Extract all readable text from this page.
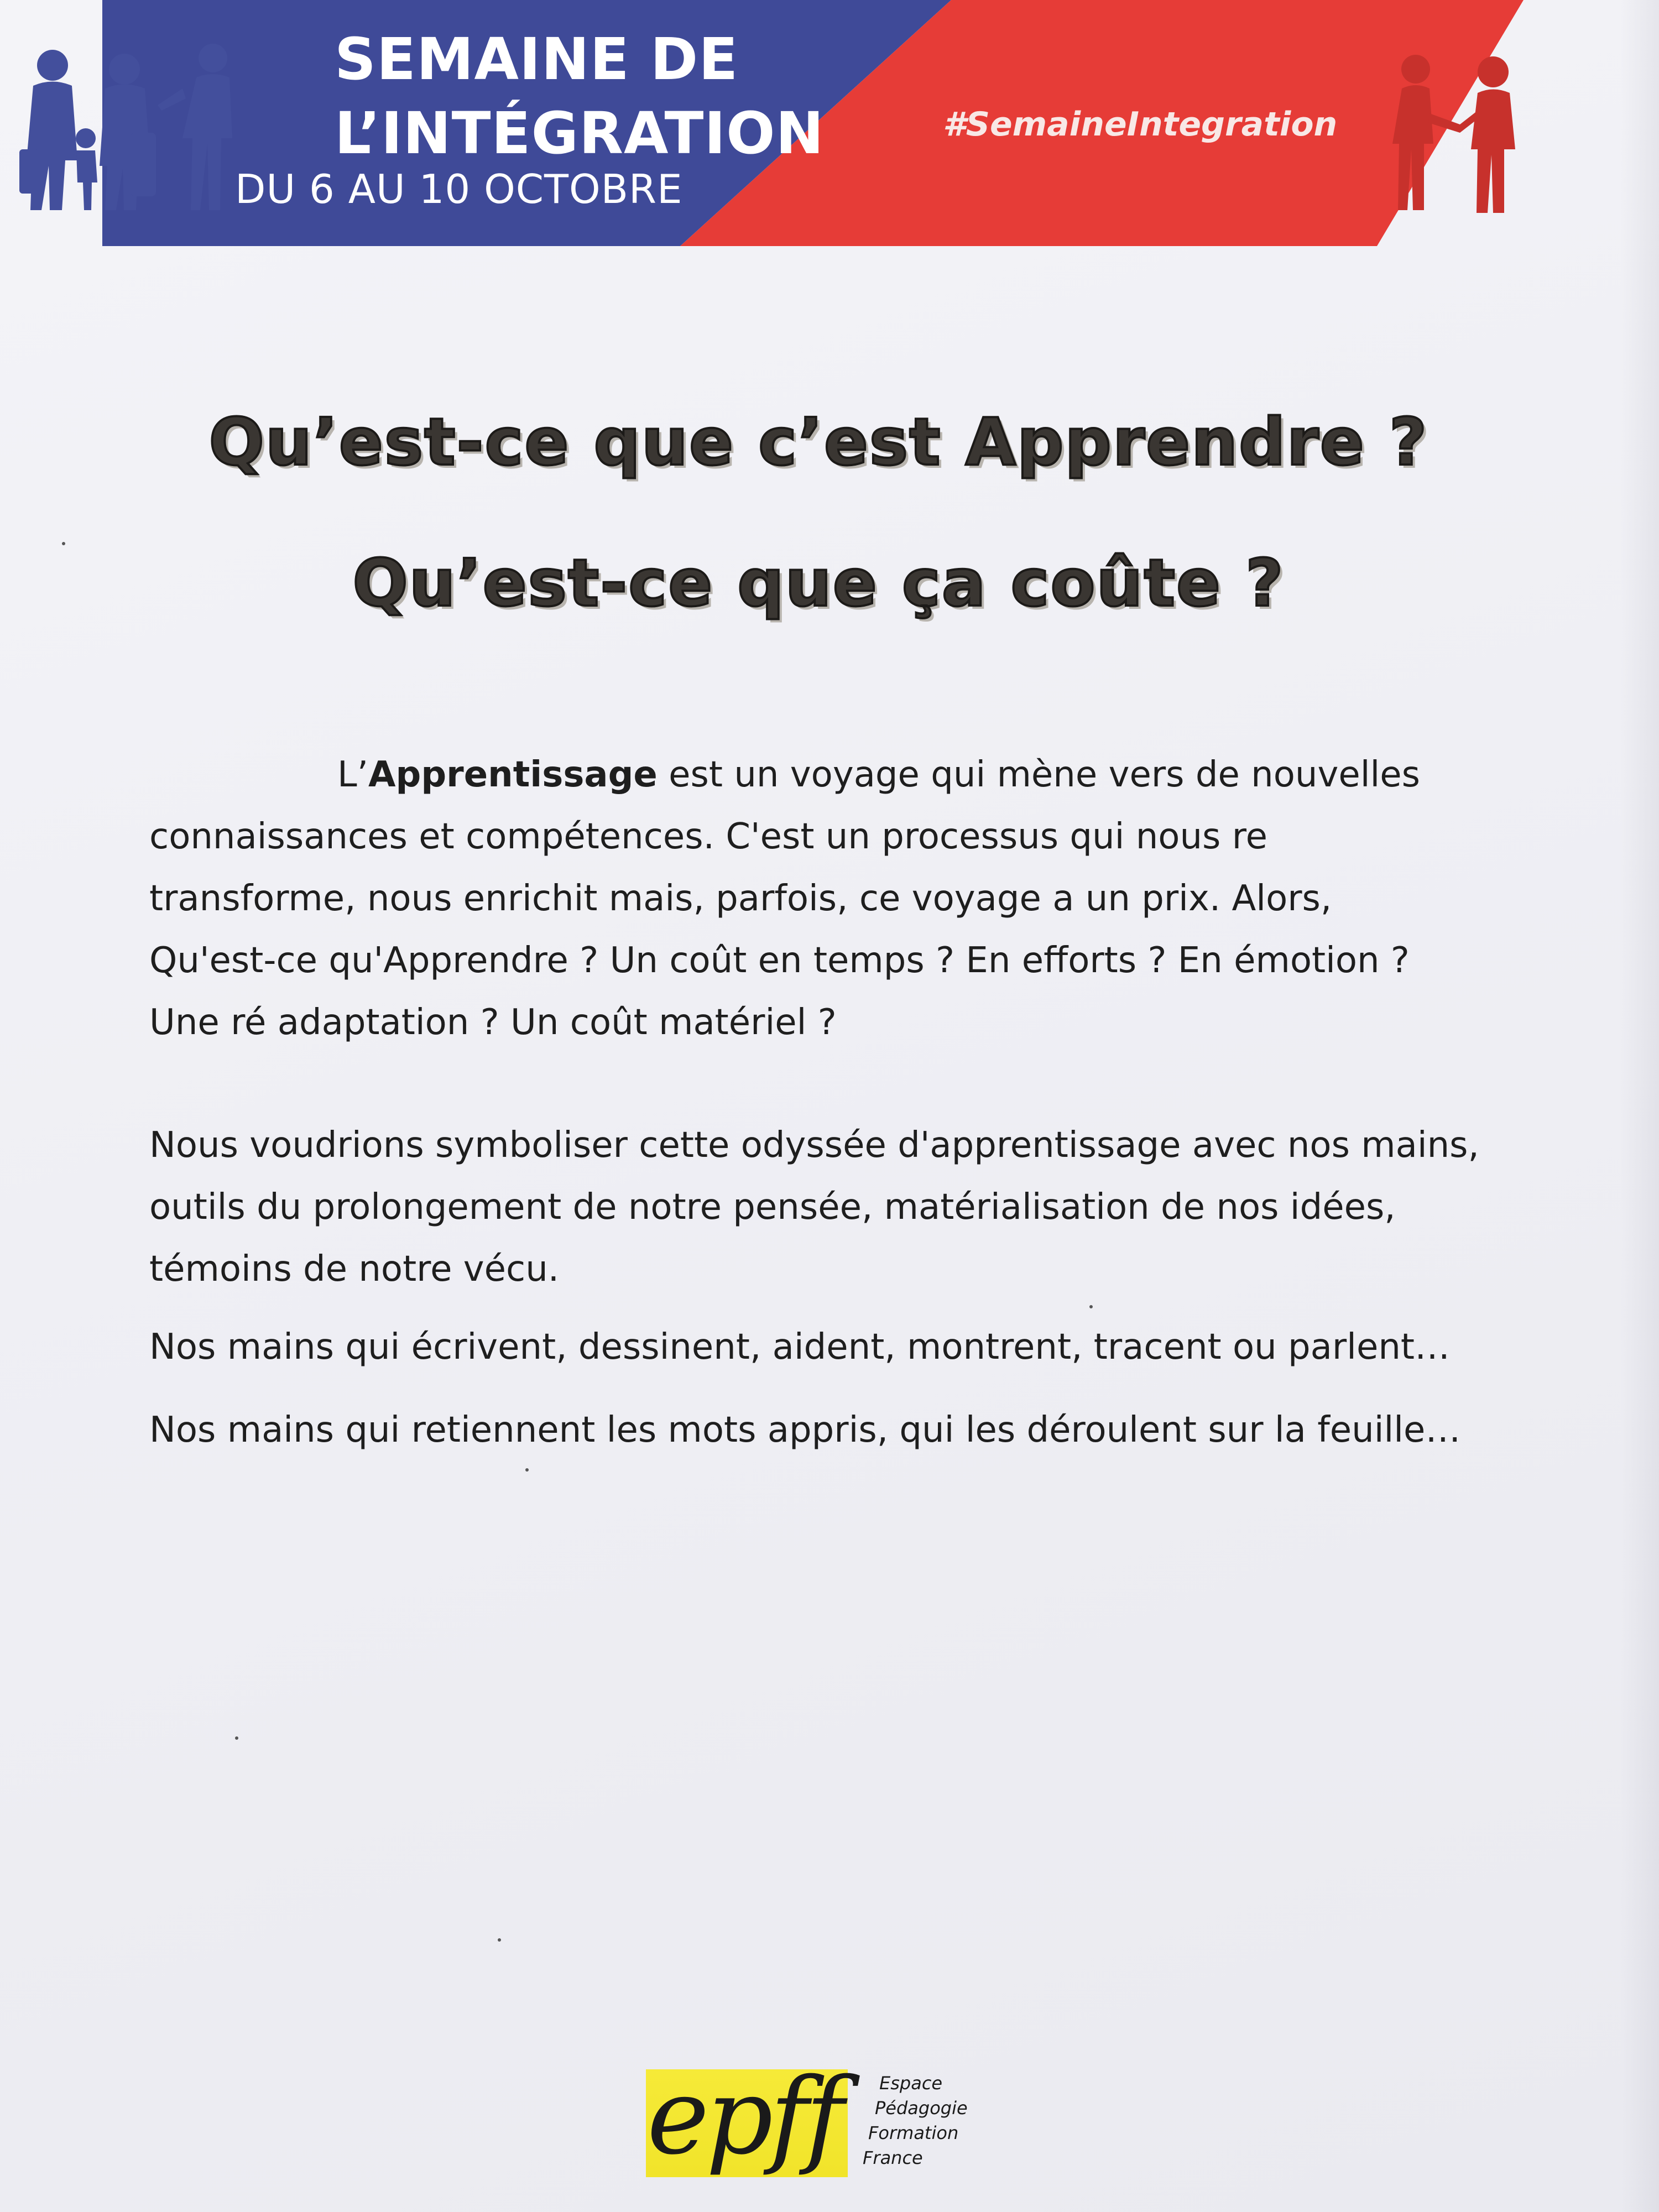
SEMAINE DE
L’INTÉGRATION
DU 6 AU 10 OCTOBRE
#SemaineIntegration
Qu’est-ce que c’est Apprendre ?
Qu’est-ce que ça coûte ?
L’Apprentissage est un voyage qui mène vers de nouvelles
connaissances et compétences. C'est un processus qui nous re
transforme, nous enrichit mais, parfois, ce voyage a un prix. Alors,
Qu'est-ce qu'Apprendre ? Un coût en temps ? En efforts ? En émotion ?
Une ré adaptation ? Un coût matériel ?
Nous voudrions symboliser cette odyssée d'apprentissage avec nos mains,
outils du prolongement de notre pensée, matérialisation de nos idées,
témoins de notre vécu.
Nos mains qui écrivent, dessinent, aident, montrent, tracent ou parlent…
Nos mains qui retiennent les mots appris, qui les déroulent sur la feuille…
epff	Espace
Pédagogie
Formation
France
